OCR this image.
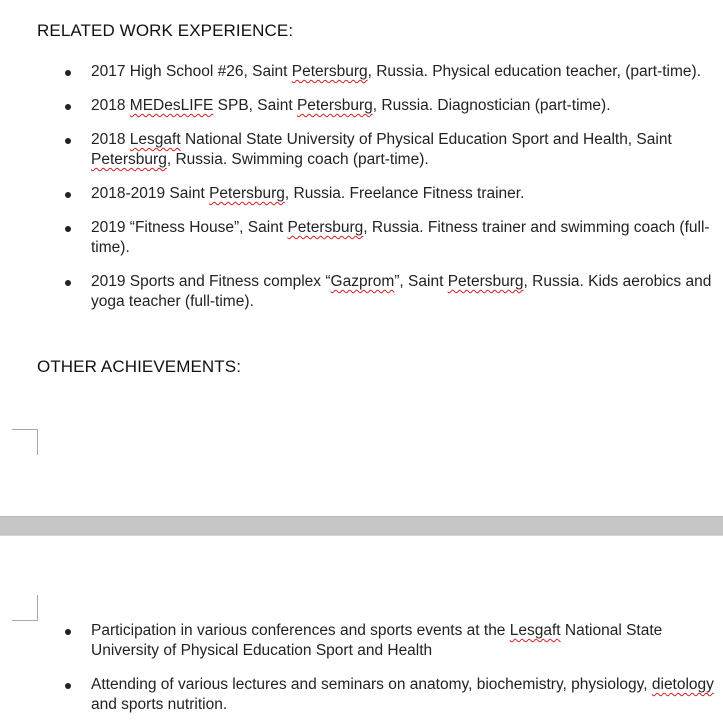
RELATED WORK EXPERIENCE:
2017 High School #26, Saint Petersburg, Russia. Physical education teacher, (part-time).
2018 MEDesLIFE SPB, Saint Petersburg, Russia. Diagnostician (part-time).
2018 Lesgaft National State University of Physical Education Sport and Health, Saint
Petersburg, Russia. Swimming coach (part-time).
2018-2019 Saint Petersburg, Russia. Freelance Fitness trainer.
2019 “Fitness House”, Saint Petersburg, Russia. Fitness trainer and swimming coach (full-time).
2019 Sports and Fitness complex “Gazprom”, Saint Petersburg, Russia. Kids aerobics and yoga teacher (full-time).
OTHER ACHIEVEMENTS:
Participation in various conferences and sports events at the Lesgaft National State University of Physical Education Sport and Health
Attending of various lectures and seminars on anatomy, biochemistry, physiology, dietology and sports nutrition.
